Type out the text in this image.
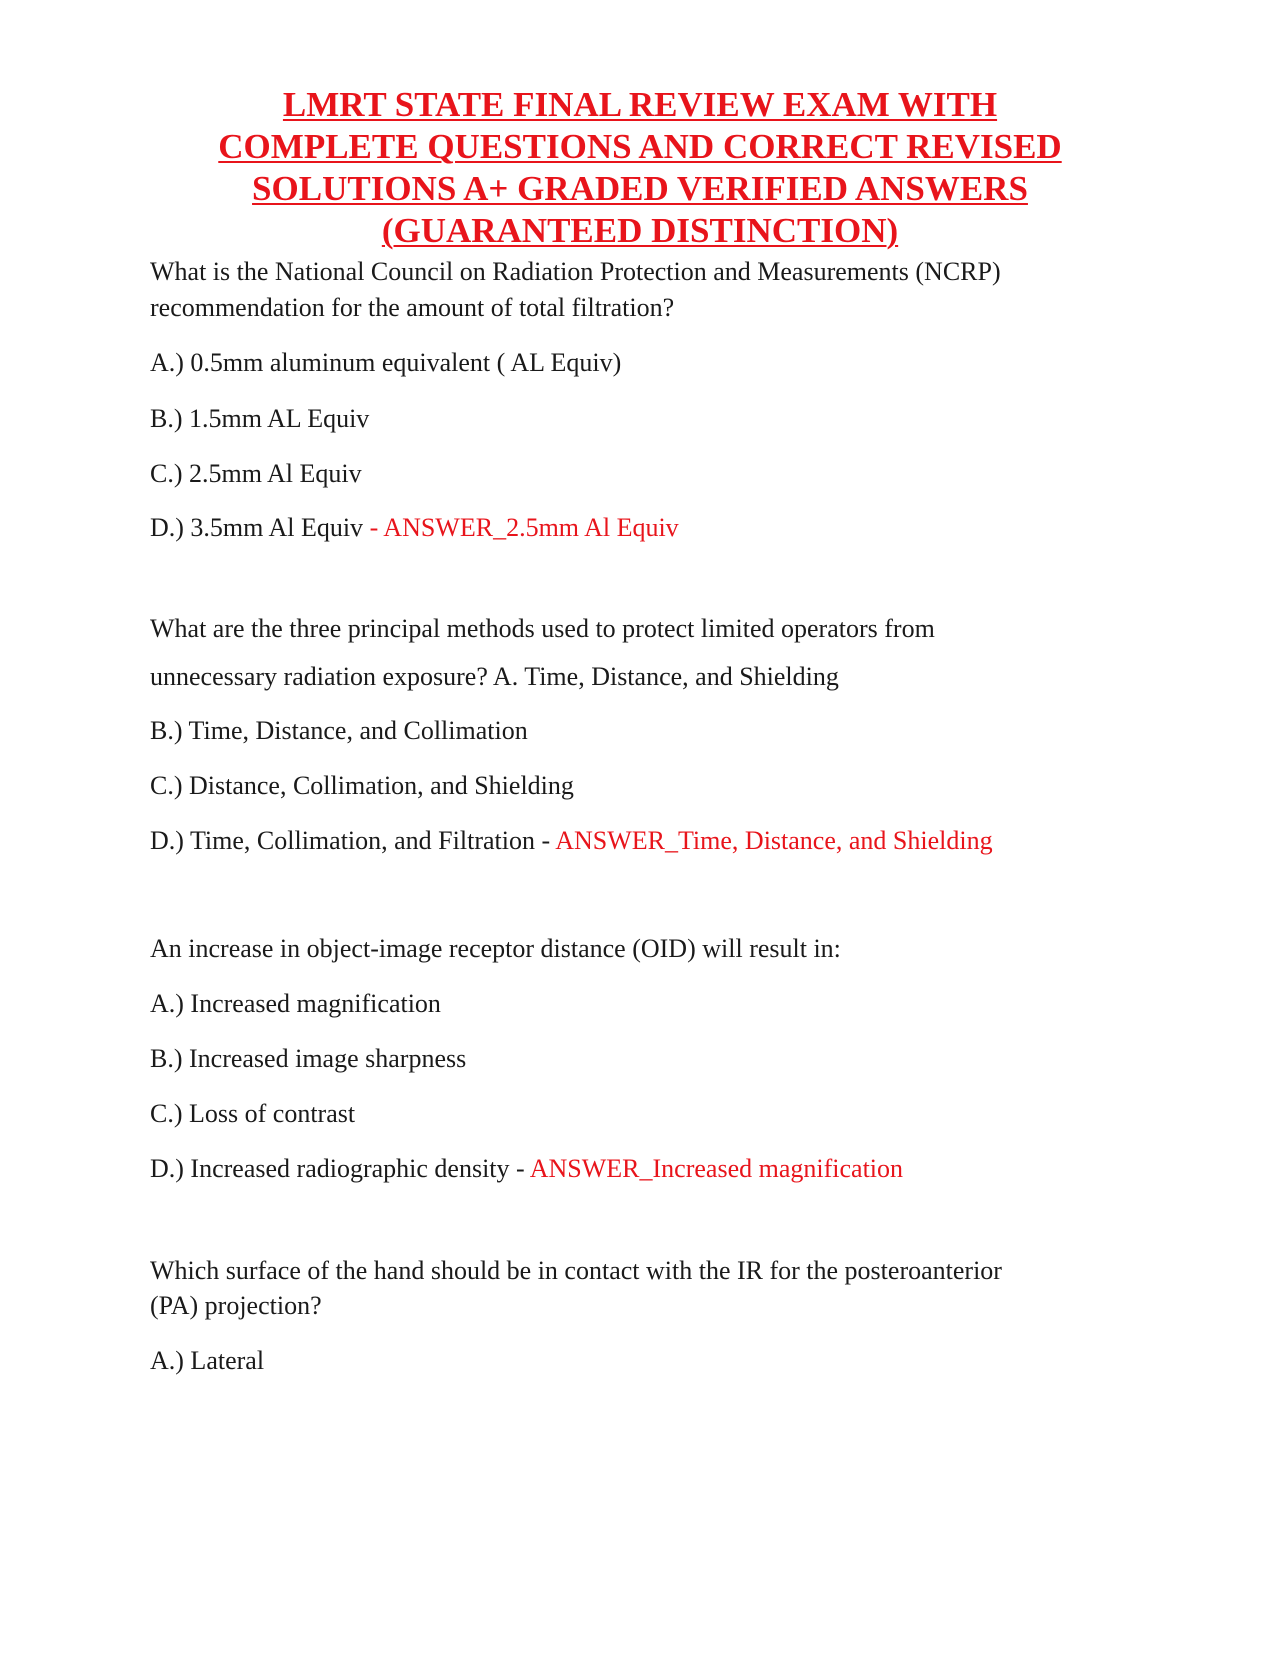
LMRT STATE FINAL REVIEW EXAM WITH
COMPLETE QUESTIONS AND CORRECT REVISED
SOLUTIONS A+ GRADED VERIFIED ANSWERS
(GUARANTEED DISTINCTION)

What is the National Council on Radiation Protection and Measurements (NCRP)

recommendation for the amount of total filtration?

A.) 0.5mm aluminum equivalent ( AL Equiv)

B.) 1.5mm AL Equiv

C.) 2.5mm Al Equiv

D.) 3.5mm Al Equiv - ANSWER_2.5mm Al Equiv

What are the three principal methods used to protect limited operators from

unnecessary radiation exposure? A. Time, Distance, and Shielding

B.) Time, Distance, and Collimation

C.) Distance, Collimation, and Shielding

D.) Time, Collimation, and Filtration - ANSWER_Time, Distance, and Shielding

An increase in object-image receptor distance (OID) will result in:

A.) Increased magnification

B.) Increased image sharpness

C.) Loss of contrast

D.) Increased radiographic density - ANSWER_Increased magnification

Which surface of the hand should be in contact with the IR for the posteroanterior

(PA) projection?

A.) Lateral
